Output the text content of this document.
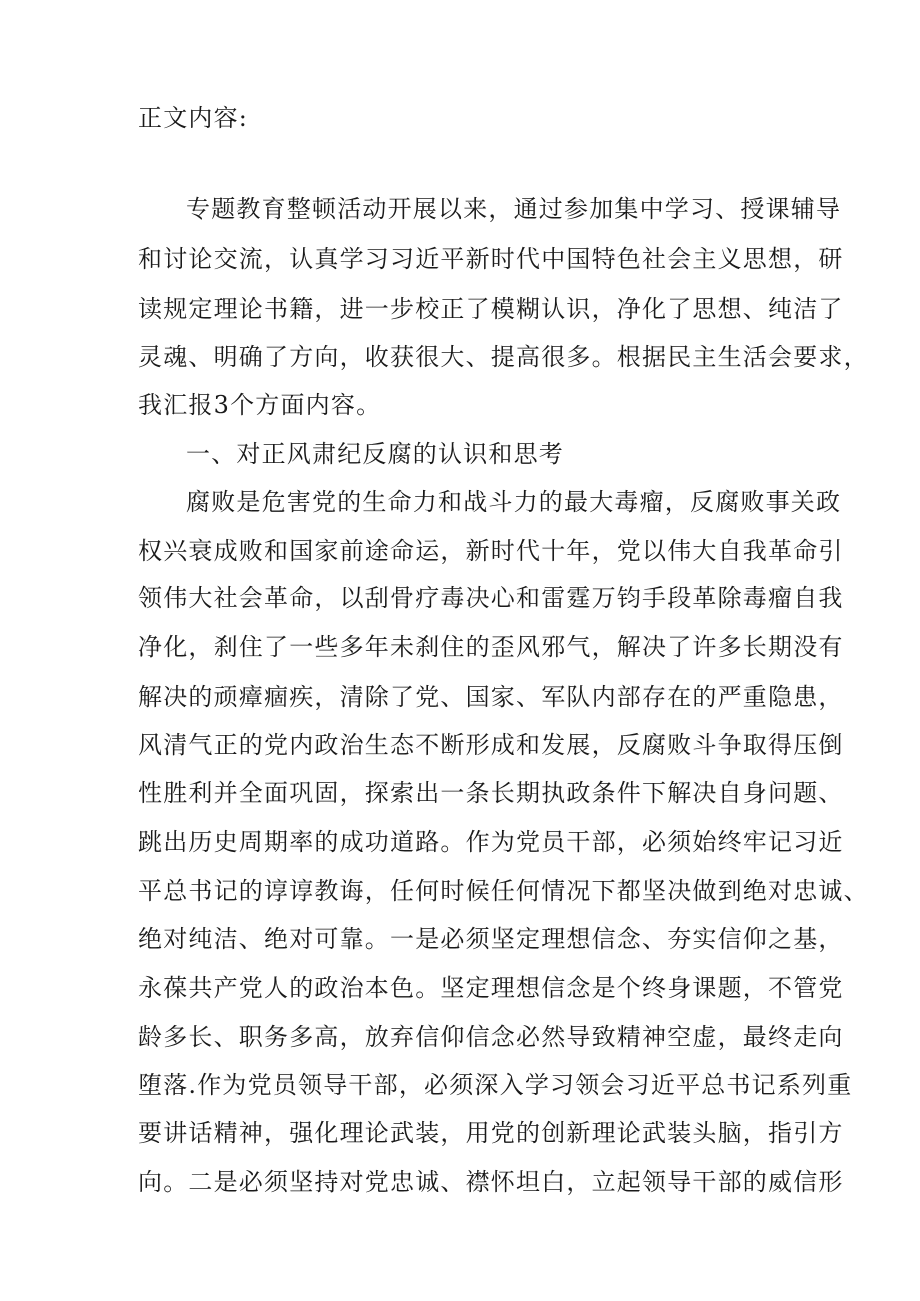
正文内容:
专题教育整顿活动开展以来，通过参加集中学习、授课辅导
和讨论交流，认真学习习近平新时代中国特色社会主义思想，研
读规定理论书籍，进一步校正了模糊认识，净化了思想、纯洁了
灵魂、明确了方向，收获很大、提高很多。根据民主生活会要求，
我汇报3个方面内容。
一、对正风肃纪反腐的认识和思考
腐败是危害党的生命力和战斗力的最大毒瘤，反腐败事关政
权兴衰成败和国家前途命运，新时代十年，党以伟大自我革命引
领伟大社会革命，以刮骨疗毒决心和雷霆万钧手段革除毒瘤自我
净化，刹住了一些多年未刹住的歪风邪气，解决了许多长期没有
解决的顽瘴痼疾，清除了党、国家、军队内部存在的严重隐患，
风清气正的党内政治生态不断形成和发展，反腐败斗争取得压倒
性胜利并全面巩固，探索出一条长期执政条件下解决自身问题、
跳出历史周期率的成功道路。作为党员干部，必须始终牢记习近
平总书记的谆谆教诲，任何时候任何情况下都坚决做到绝对忠诚、
绝对纯洁、绝对可靠。一是必须坚定理想信念、夯实信仰之基，
永葆共产党人的政治本色。坚定理想信念是个终身课题，不管党
龄多长、职务多高，放弃信仰信念必然导致精神空虚，最终走向
堕落.作为党员领导干部，必须深入学习领会习近平总书记系列重
要讲话精神，强化理论武装，用党的创新理论武装头脑，指引方
向。二是必须坚持对党忠诚、襟怀坦白，立起领导干部的威信形
